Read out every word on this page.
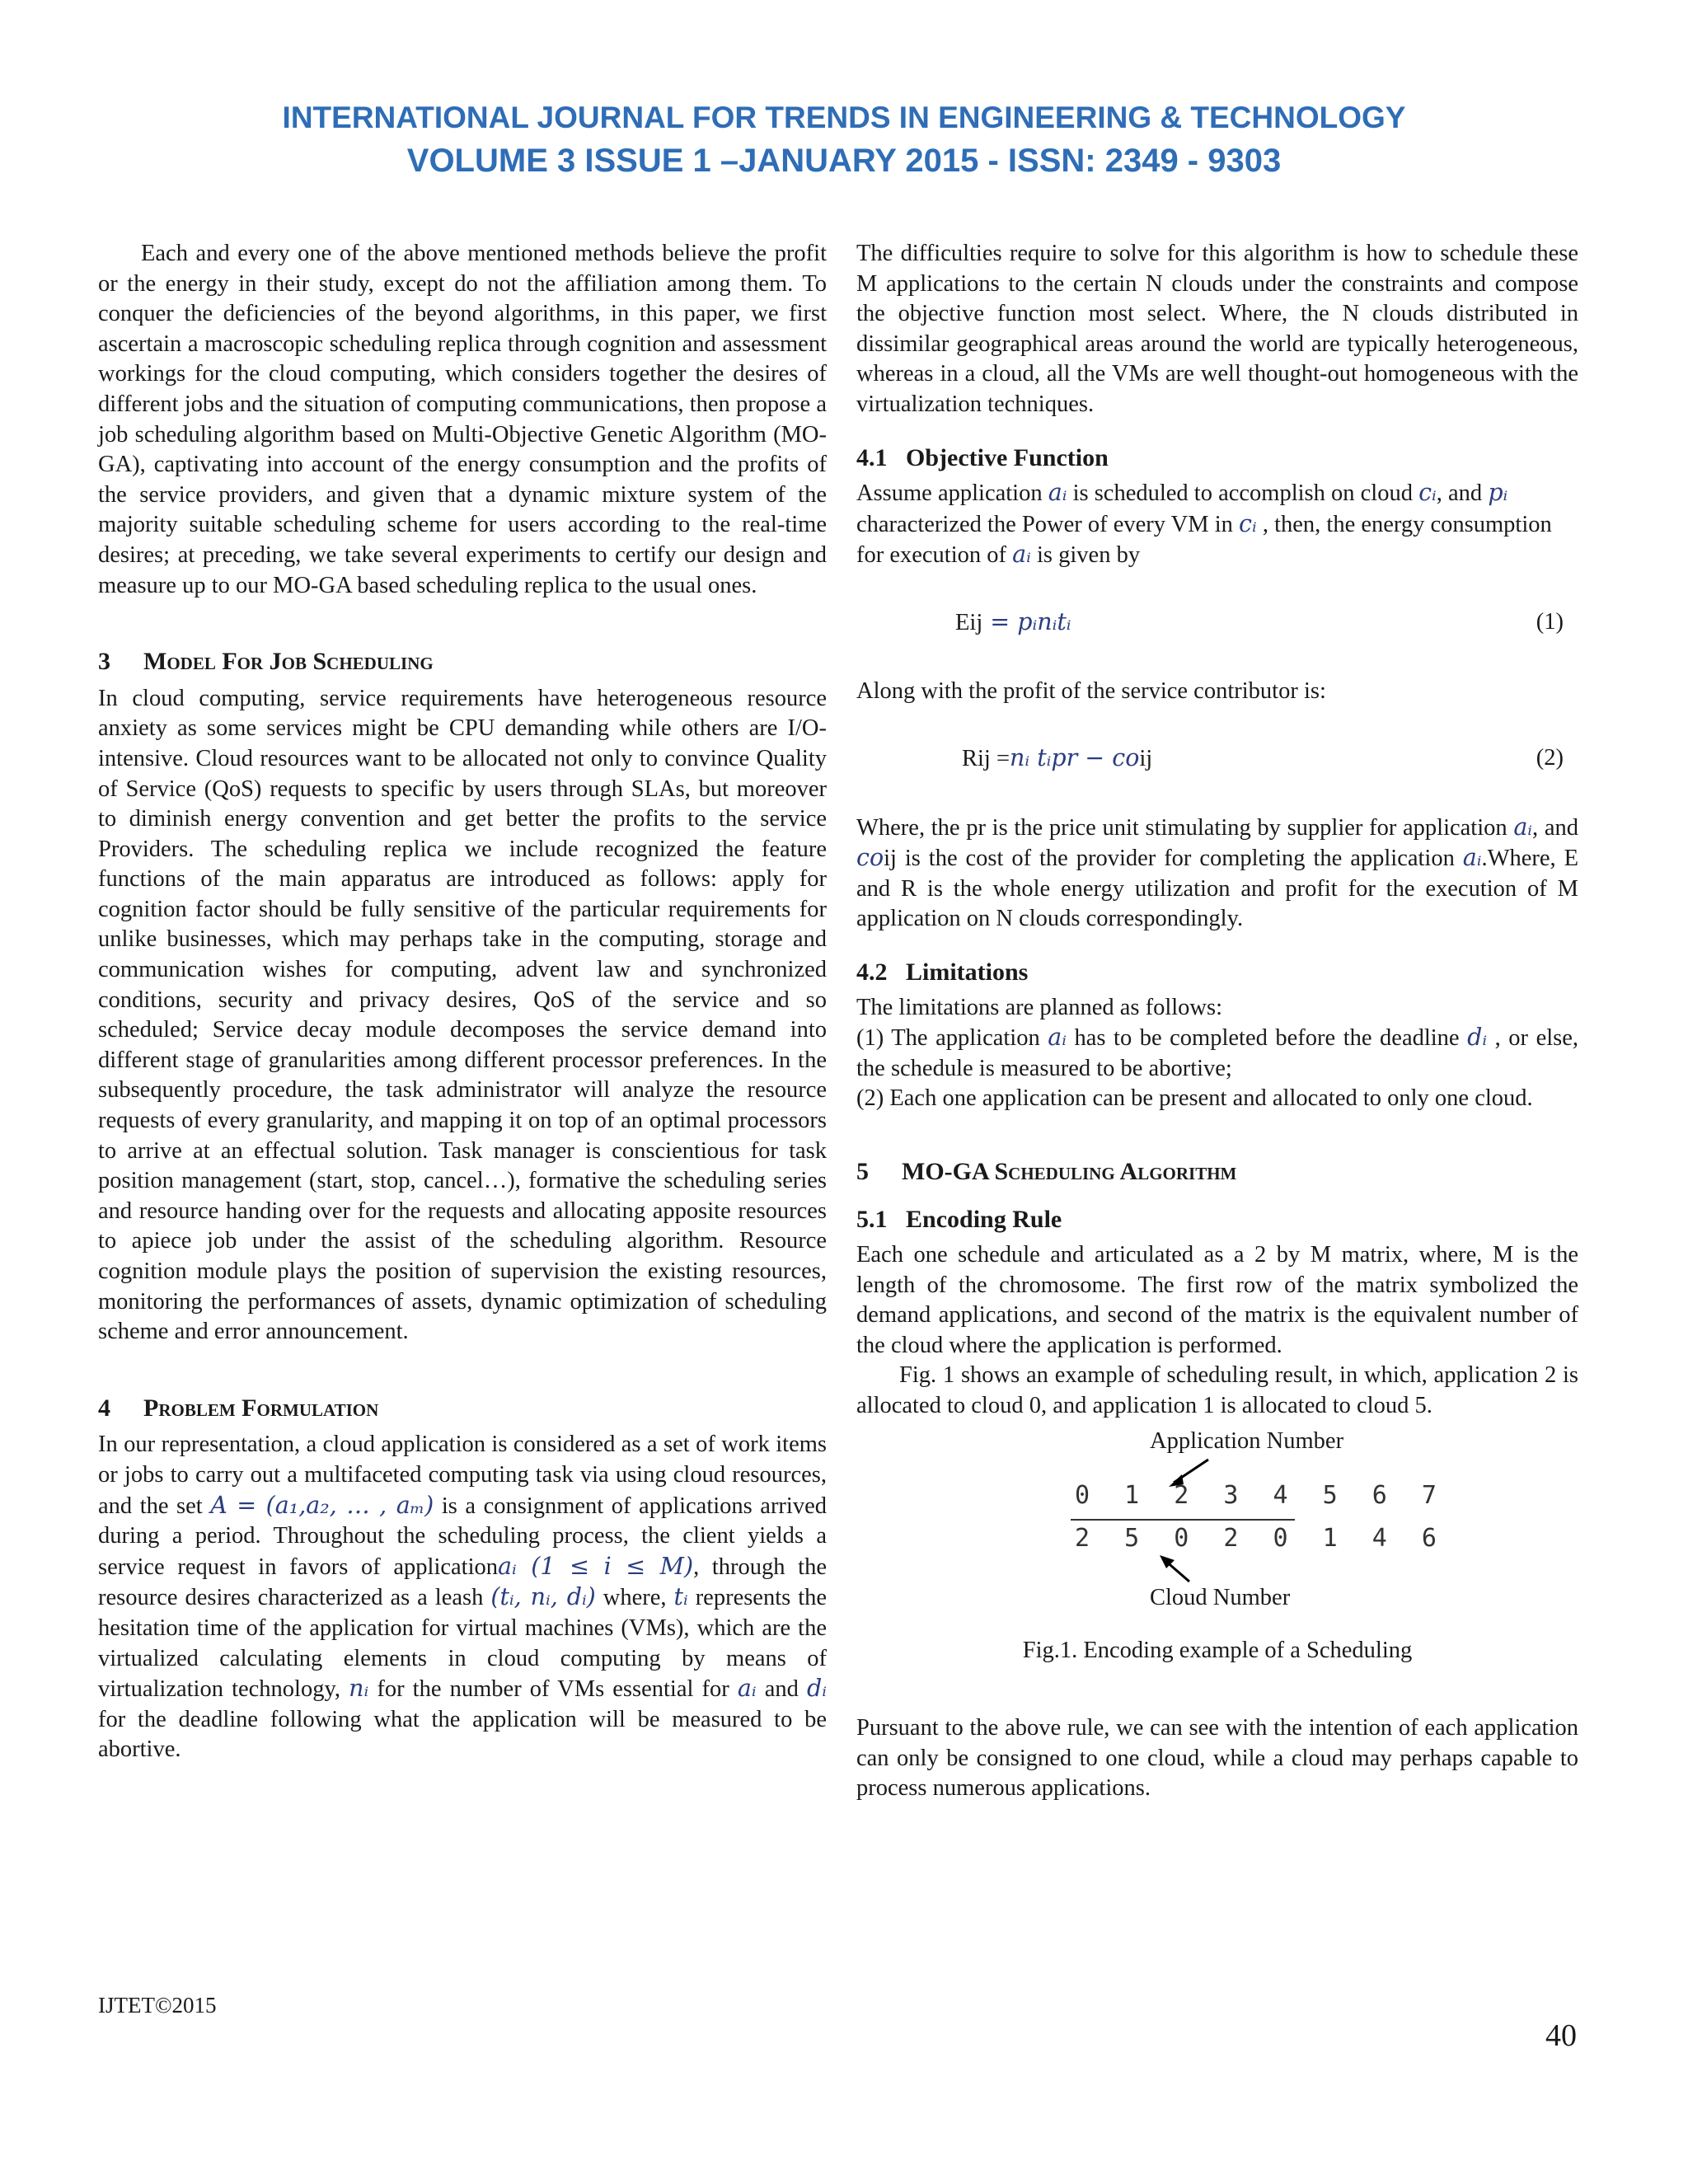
INTERNATIONAL JOURNAL FOR TRENDS IN ENGINEERING & TECHNOLOGY
VOLUME 3 ISSUE 1 –JANUARY 2015 - ISSN: 2349 - 9303

Each and every one of the above mentioned methods believe the profit or the energy in their study, except do not the affiliation among them. To conquer the deficiencies of the beyond algorithms, in this paper, we first ascertain a macroscopic scheduling replica through cognition and assessment workings for the cloud computing, which considers together the desires of different jobs and the situation of computing communications, then propose a job scheduling algorithm based on Multi-Objective Genetic Algorithm (MO-GA), captivating into account of the energy consumption and the profits of the service providers, and given that a dynamic mixture system of the majority suitable scheduling scheme for users according to the real-time desires; at preceding, we take several experiments to certify our design and measure up to our MO-GA based scheduling replica to the usual ones.

3 Model For Job Scheduling

In cloud computing, service requirements have heterogeneous resource anxiety as some services might be CPU demanding while others are I/O-intensive. Cloud resources want to be allocated not only to convince Quality of Service (QoS) requests to specific by users through SLAs, but moreover to diminish energy convention and get better the profits to the service Providers. The scheduling replica we include recognized the feature functions of the main apparatus are introduced as follows: apply for cognition factor should be fully sensitive of the particular requirements for unlike businesses, which may perhaps take in the computing, storage and communication wishes for computing, advent law and synchronized conditions, security and privacy desires, QoS of the service and so scheduled; Service decay module decomposes the service demand into different stage of granularities among different processor preferences. In the subsequently procedure, the task administrator will analyze the resource requests of every granularity, and mapping it on top of an optimal processors to arrive at an effectual solution. Task manager is conscientious for task position management (start, stop, cancel…), formative the scheduling series and resource handing over for the requests and allocating apposite resources to apiece job under the assist of the scheduling algorithm. Resource cognition module plays the position of supervision the existing resources, monitoring the performances of assets, dynamic optimization of scheduling scheme and error announcement.

4 Problem Formulation

In our representation, a cloud application is considered as a set of work items or jobs to carry out a multifaceted computing task via using cloud resources, and the set A = (a₁,a₂, … , aₘ) is a consignment of applications arrived during a period. Throughout the scheduling process, the client yields a service request in favors of applicationaᵢ (1 ≤ i ≤ M), through the resource desires characterized as a leash (tᵢ, nᵢ, dᵢ) where, tᵢ represents the hesitation time of the application for virtual machines (VMs), which are the virtualized calculating elements in cloud computing by means of virtualization technology, nᵢ for the number of VMs essential for aᵢ and dᵢ for the deadline following what the application will be measured to be abortive.

The difficulties require to solve for this algorithm is how to schedule these M applications to the certain N clouds under the constraints and compose the objective function most select. Where, the N clouds distributed in dissimilar geographical areas around the world are typically heterogeneous, whereas in a cloud, all the VMs are well thought-out homogeneous with the virtualization techniques.

4.1 Objective Function

Assume application aᵢ is scheduled to accomplish on cloud cᵢ, and pᵢ characterized the Power of every VM in cᵢ , then, the energy consumption for execution of aᵢ is given by

Eij = pᵢnᵢtᵢ	(1)

Along with the profit of the service contributor is:

Rij =nᵢ tᵢpr − coij	(2)

Where, the pr is the price unit stimulating by supplier for application aᵢ, and coij is the cost of the provider for completing the application aᵢ.Where, E and R is the whole energy utilization and profit for the execution of M application on N clouds correspondingly.

4.2 Limitations

The limitations are planned as follows:

(1) The application aᵢ has to be completed before the deadline dᵢ , or else, the schedule is measured to be abortive;

(2) Each one application can be present and allocated to only one cloud.

5 MO-GA Scheduling Algorithm
5.1 Encoding Rule

Each one schedule and articulated as a 2 by M matrix, where, M is the length of the chromosome. The first row of the matrix symbolized the demand applications, and second of the matrix is the equivalent number of the cloud where the application is performed.

Fig. 1 shows an example of scheduling result, in which, application 2 is allocated to cloud 0, and application 1 is allocated to cloud 5.

Application Number
0 1 2 3 4 5 6 7
2 5 0 2 0 1 4 6
Cloud Number
Fig.1. Encoding example of a Scheduling

Pursuant to the above rule, we can see with the intention of each application can only be consigned to one cloud, while a cloud may perhaps capable to process numerous applications.

IJTET©2015
40
